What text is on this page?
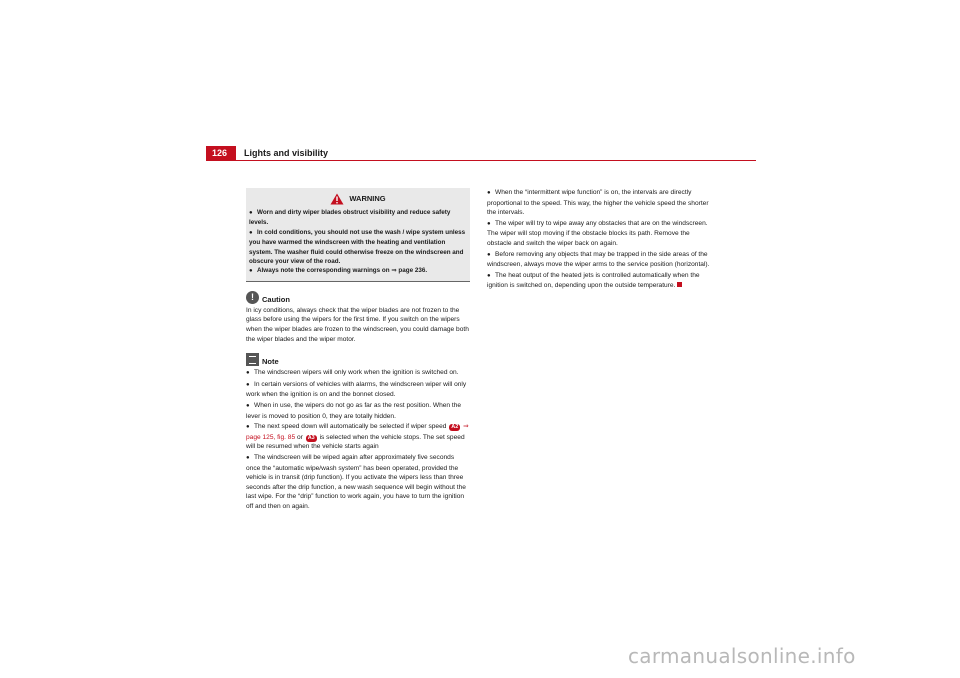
126	Lights and visibility
WARNING
● Worn and dirty wiper blades obstruct visibility and reduce safety levels.
● In cold conditions, you should not use the wash / wipe system unless you have warmed the windscreen with the heating and ventilation system. The washer fluid could otherwise freeze on the windscreen and obscure your view of the road.
● Always note the corresponding warnings on ⇒ page 236.
!	Caution

In icy conditions, always check that the wiper blades are not frozen to the glass before using the wipers for the first time. If you switch on the wipers when the wiper blades are frozen to the windscreen, you could damage both the wiper blades and the wiper motor.

Note
● The windscreen wipers will only work when the ignition is switched on.
● In certain versions of vehicles with alarms, the windscreen wiper will only work when the ignition is on and the bonnet closed.
● When in use, the wipers do not go as far as the rest position. When the lever is moved to position 0, they are totally hidden.
● The next speed down will automatically be selected if wiper speed A2 ⇒ page 125, fig. 85 or A3 is selected when the vehicle stops. The set speed will be resumed when the vehicle starts again
● The windscreen will be wiped again after approximately five seconds once the “automatic wipe/wash system” has been operated, provided the vehicle is in transit (drip function). If you activate the wipers less than three seconds after the drip function, a new wash sequence will begin without the last wipe. For the “drip” function to work again, you have to turn the ignition off and then on again.
● When the “intermittent wipe function” is on, the intervals are directly proportional to the speed. This way, the higher the vehicle speed the shorter the intervals.
● The wiper will try to wipe away any obstacles that are on the windscreen. The wiper will stop moving if the obstacle blocks its path. Remove the obstacle and switch the wiper back on again.
● Before removing any objects that may be trapped in the side areas of the windscreen, always move the wiper arms to the service position (horizontal).
● The heat output of the heated jets is controlled automatically when the ignition is switched on, depending upon the outside temperature.
carmanualsonline.info
